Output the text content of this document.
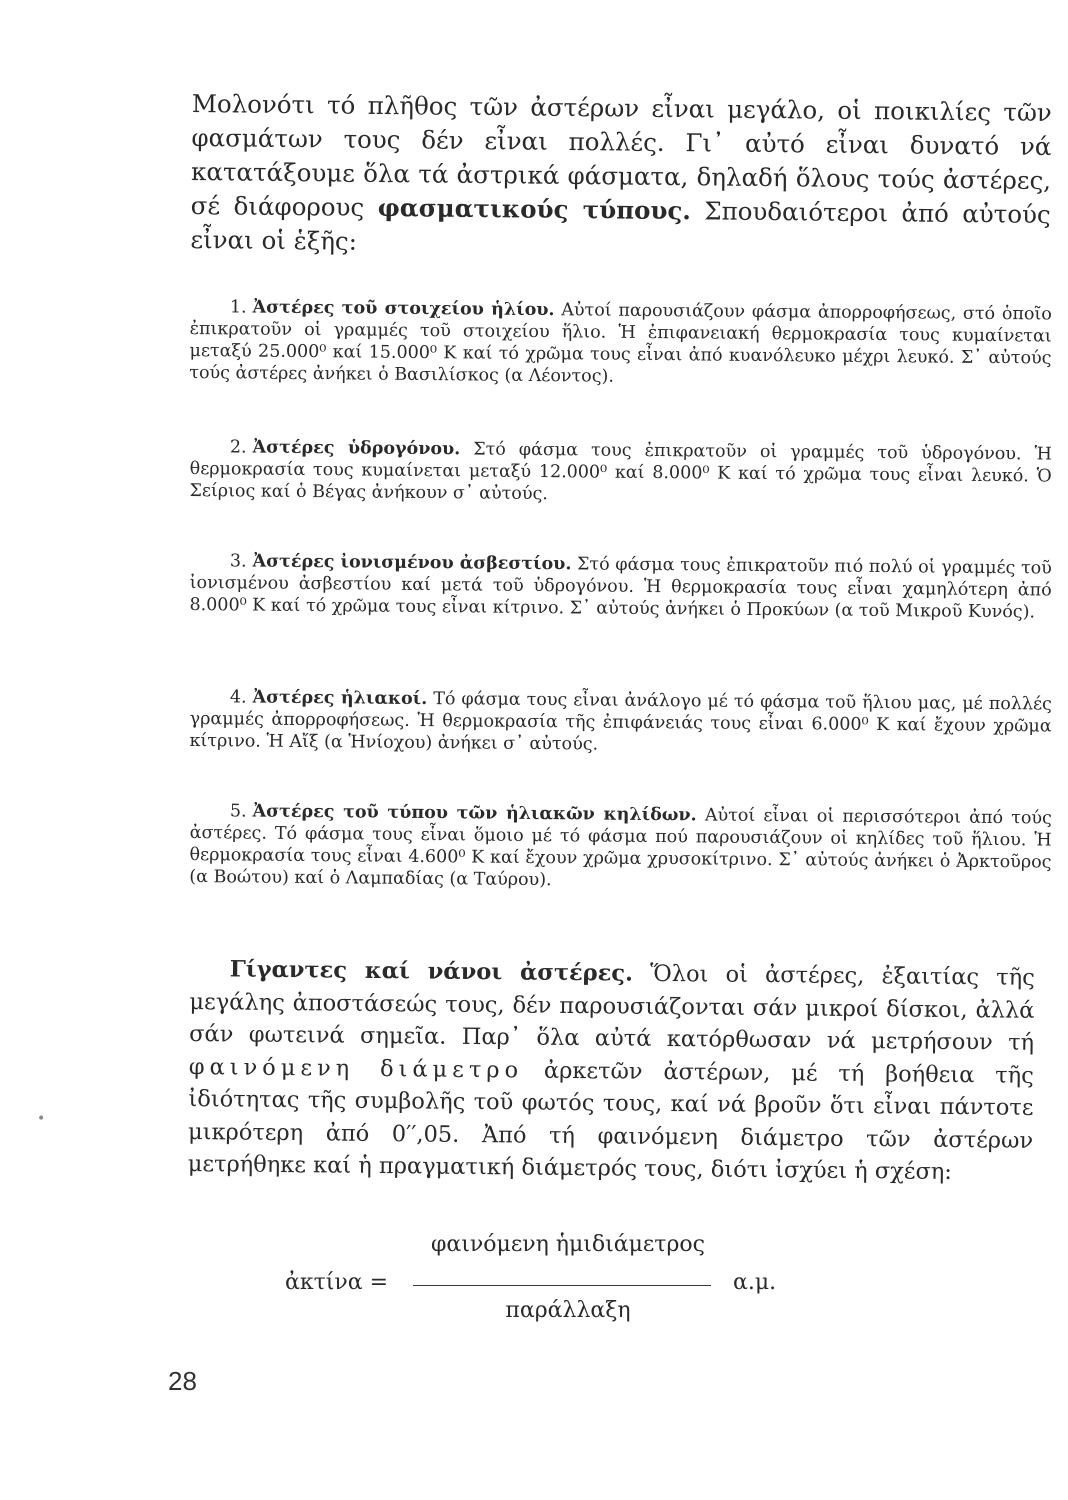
Μολονότι τό πλῆθος τῶν ἀστέρων εἶναι μεγάλο, οἱ ποικιλίες τῶν φασμάτων τους δέν εἶναι πολλές. Γι᾽ αὐτό εἶναι δυνατό νά κατατάξουμε ὅλα τά ἀστρικά φάσματα, δηλαδή ὅλους τούς ἀστέρες, σέ διάφορους φασματικούς τύπους. Σπουδαιότεροι ἀπό αὐτούς εἶναι οἱ ἑξῆς:

1. Ἀστέρες τοῦ στοιχείου ἡλίου. Αὐτοί παρουσιάζουν φάσμα ἀπορροφήσεως, στό ὁποῖο ἐπικρατοῦν οἱ γραμμές τοῦ στοιχείου ἥλιο. Ἡ ἐπιφανειακή θερμοκρασία τους κυμαίνεται μεταξύ 25.000⁰ καί 15.000⁰ Κ καί τό χρῶμα τους εἶναι ἀπό κυανόλευκο μέχρι λευκό. Σ᾽ αὐτούς τούς ἀστέρες ἀνήκει ὁ Βασιλίσκος (α Λέοντος).

2. Ἀστέρες ὑδρογόνου. Στό φάσμα τους ἐπικρατοῦν οἱ γραμμές τοῦ ὑδρογόνου. Ἡ θερμοκρασία τους κυμαίνεται μεταξύ 12.000⁰ καί 8.000⁰ Κ καί τό χρῶμα τους εἶναι λευκό. Ὁ Σείριος καί ὁ Βέγας ἀνήκουν σ᾽ αὐτούς.

3. Ἀστέρες ἰονισμένου ἀσβεστίου. Στό φάσμα τους ἐπικρατοῦν πιό πολύ οἱ γραμμές τοῦ ἰονισμένου ἀσβεστίου καί μετά τοῦ ὑδρογόνου. Ἡ θερμοκρασία τους εἶναι χαμηλότερη ἀπό 8.000⁰ Κ καί τό χρῶμα τους εἶναι κίτρινο. Σ᾽ αὐτούς ἀνήκει ὁ Προκύων (α τοῦ Μικροῦ Κυνός).

4. Ἀστέρες ἡλιακοί. Τό φάσμα τους εἶναι ἀνάλογο μέ τό φάσμα τοῦ ἥλιου μας, μέ πολλές γραμμές ἀπορροφήσεως. Ἡ θερμοκρασία τῆς ἐπιφάνειάς τους εἶναι 6.000⁰ Κ καί ἔχουν χρῶμα κίτρινο. Ἡ Αἴξ (α Ἡνίοχου) ἀνήκει σ᾽ αὐτούς.

5. Ἀστέρες τοῦ τύπου τῶν ἡλιακῶν κηλίδων. Αὐτοί εἶναι οἱ περισσότεροι ἀπό τούς ἀστέρες. Τό φάσμα τους εἶναι ὅμοιο μέ τό φάσμα πού παρουσιάζουν οἱ κηλίδες τοῦ ἥλιου. Ἡ θερμοκρασία τους εἶναι 4.600⁰ Κ καί ἔχουν χρῶμα χρυσοκίτρινο. Σ᾽ αὐτούς ἀνήκει ὁ Ἀρκτοῦρος (α Βοώτου) καί ὁ Λαμπαδίας (α Ταύρου).

Γίγαντες καί νάνοι ἀστέρες. Ὅλοι οἱ ἀστέρες, ἐξαιτίας τῆς μεγάλης ἀποστάσεώς τους, δέν παρουσιάζονται σάν μικροί δίσκοι, ἀλλά σάν φωτεινά σημεῖα. Παρ᾽ ὅλα αὐτά κατόρθωσαν νά μετρήσουν τή φαινόμενη διάμετρο ἀρκετῶν ἀστέρων, μέ τή βοήθεια τῆς ἰδιότητας τῆς συμβολῆς τοῦ φωτός τους, καί νά βροῦν ὅτι εἶναι πάντοτε μικρότερη ἀπό 0′′,05. Ἀπό τή φαινόμενη διάμετρο τῶν ἀστέρων μετρήθηκε καί ἡ πραγματική διάμετρός τους, διότι ἰσχύει ἡ σχέση:

ἀκτίνα =
φαινόμενη ἡμιδιάμετρος
παράλλαξη
α.μ.
•
28
